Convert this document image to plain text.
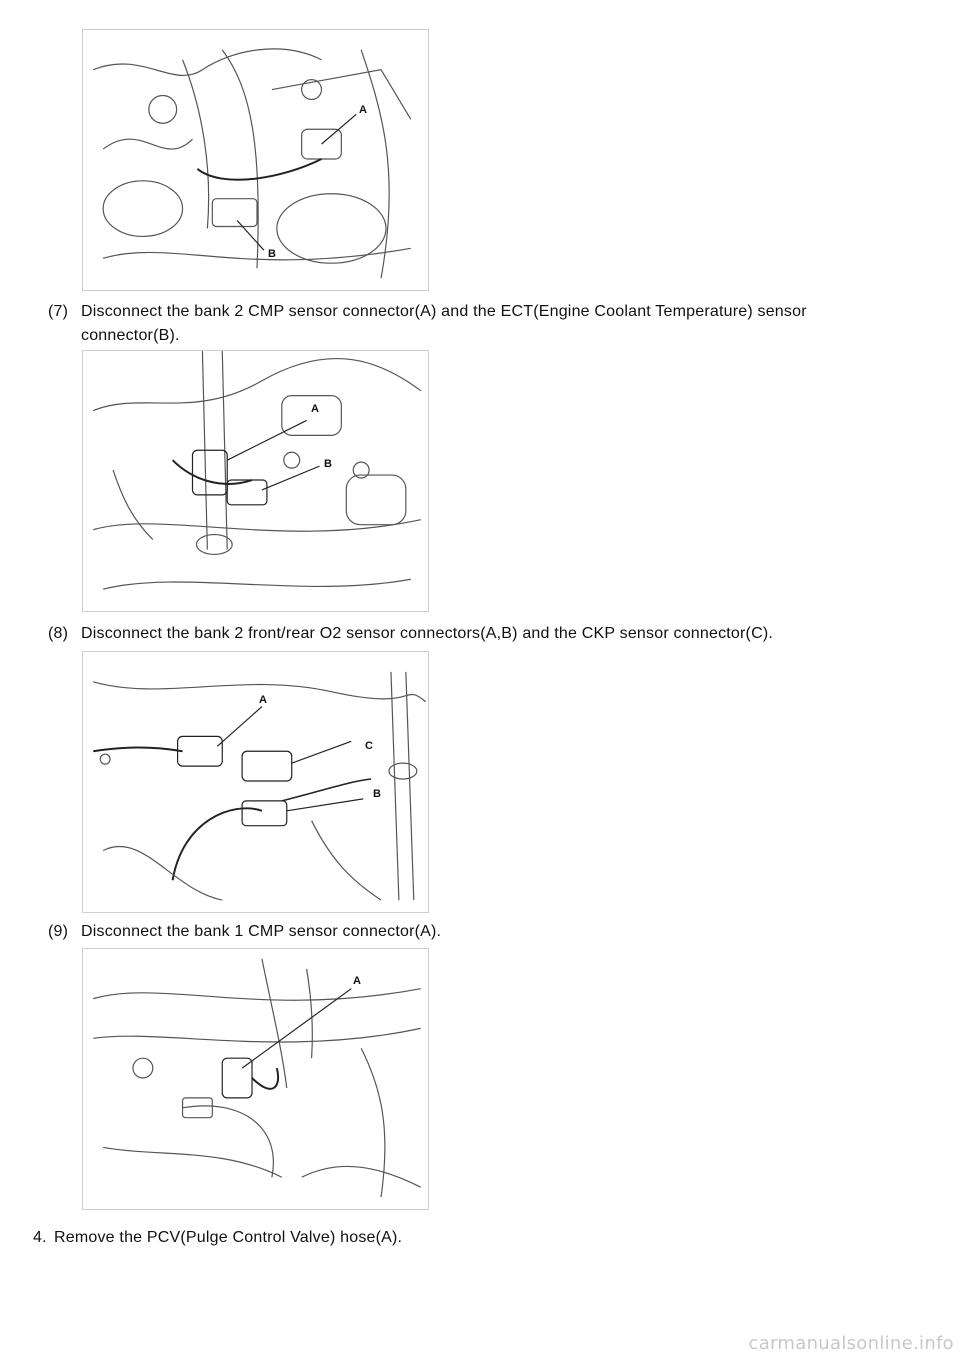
A
B
(7) Disconnect the bank 2 CMP sensor connector(A) and the ECT(Engine Coolant Temperature) sensor connector(B).
A
B
(8) Disconnect the bank 2 front/rear O2 sensor connectors(A,B) and the CKP sensor connector(C).
A
C
B
(9) Disconnect the bank 1 CMP sensor connector(A).
A
4. Remove the PCV(Pulge Control Valve) hose(A).
carmanualsonline.info
